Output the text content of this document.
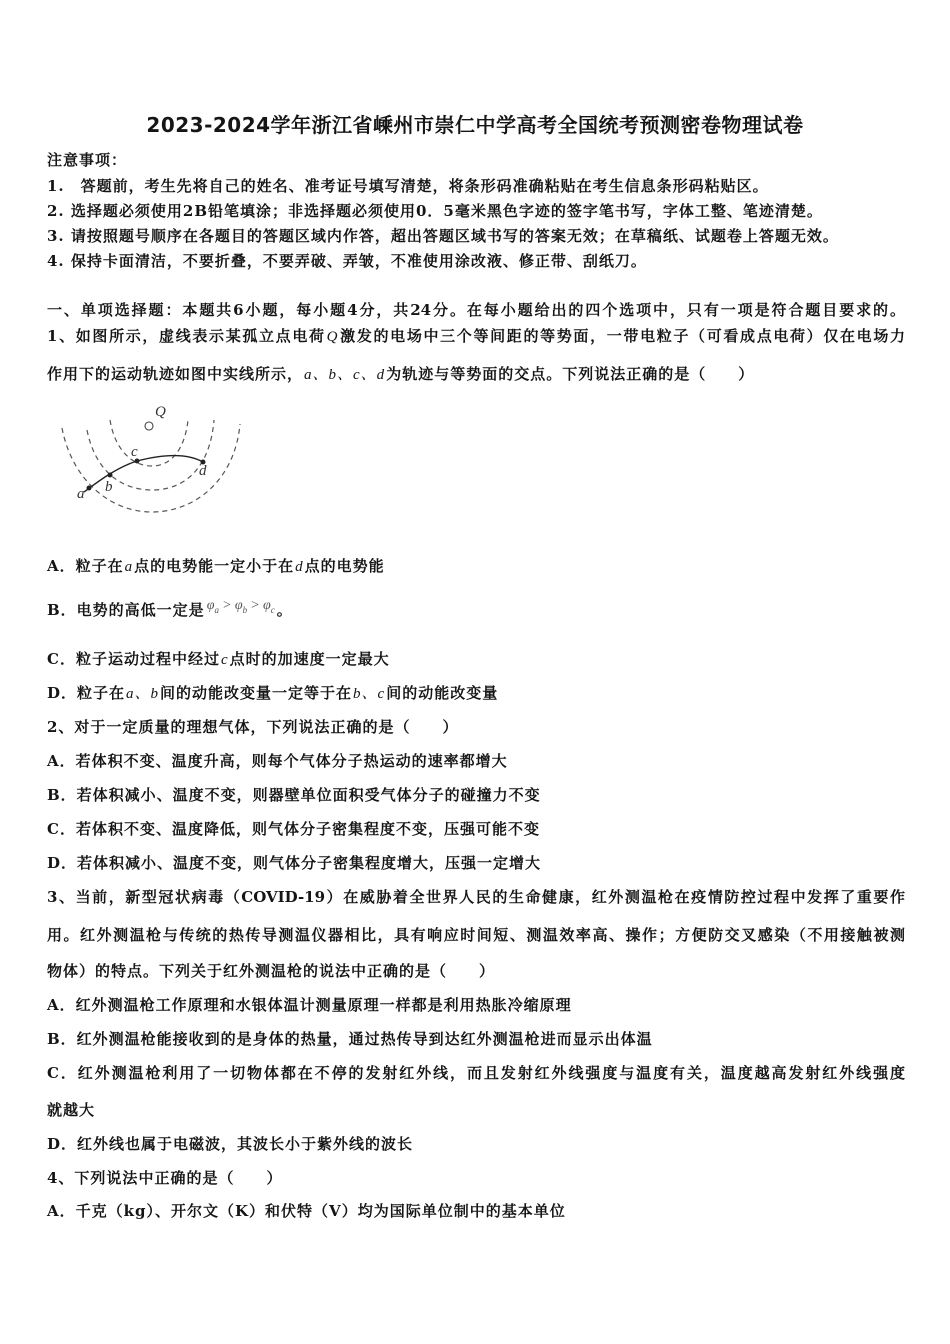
2023-2024学年浙江省嵊州市崇仁中学高考全国统考预测密卷物理试卷
注意事项：
1.　答题前，考生先将自己的姓名、准考证号填写清楚，将条形码准确粘贴在考生信息条形码粘贴区。
2. 选择题必须使用2B铅笔填涂；非选择题必须使用0．5毫米黑色字迹的签字笔书写，字体工整、笔迹清楚。
3. 请按照题号顺序在各题目的答题区域内作答，超出答题区域书写的答案无效；在草稿纸、试题卷上答题无效。
4. 保持卡面清洁，不要折叠，不要弄破、弄皱，不准使用涂改液、修正带、刮纸刀。
一、单项选择题：本题共6小题，每小题4分，共24分。在每小题给出的四个选项中，只有一项是符合题目要求的。
1、如图所示，虚线表示某孤立点电荷Q激发的电场中三个等间距的等势面，一带电粒子（可看成点电荷）仅在电场力
作用下的运动轨迹如图中实线所示，a、b、c、d为轨迹与等势面的交点。下列说法正确的是（　　）
Q
a b
c
d
A．粒子在a点的电势能一定小于在d点的电势能
B．电势的高低一定是 $\varphi_a > \varphi_b > \varphi_c$ 。
C．粒子运动过程中经过c点时的加速度一定最大
D．粒子在a、b间的动能改变量一定等于在b、c间的动能改变量
2、对于一定质量的理想气体，下列说法正确的是（　　）
A．若体积不变、温度升高，则每个气体分子热运动的速率都增大
B．若体积减小、温度不变，则器壁单位面积受气体分子的碰撞力不变
C．若体积不变、温度降低，则气体分子密集程度不变，压强可能不变
D．若体积减小、温度不变，则气体分子密集程度增大，压强一定增大
3、当前，新型冠状病毒（COVID-19）在威胁着全世界人民的生命健康，红外测温枪在疫情防控过程中发挥了重要作
用。红外测温枪与传统的热传导测温仪器相比，具有响应时间短、测温效率高、操作；方便防交叉感染（不用接触被测
物体）的特点。下列关于红外测温枪的说法中正确的是（　　）
A．红外测温枪工作原理和水银体温计测量原理一样都是利用热胀冷缩原理
B．红外测温枪能接收到的是身体的热量，通过热传导到达红外测温枪进而显示出体温
C．红外测温枪利用了一切物体都在不停的发射红外线，而且发射红外线强度与温度有关，温度越高发射红外线强度
就越大
D．红外线也属于电磁波，其波长小于紫外线的波长
4、下列说法中正确的是（　　）
A．千克（kg）、开尔文（K）和伏特（V）均为国际单位制中的基本单位
